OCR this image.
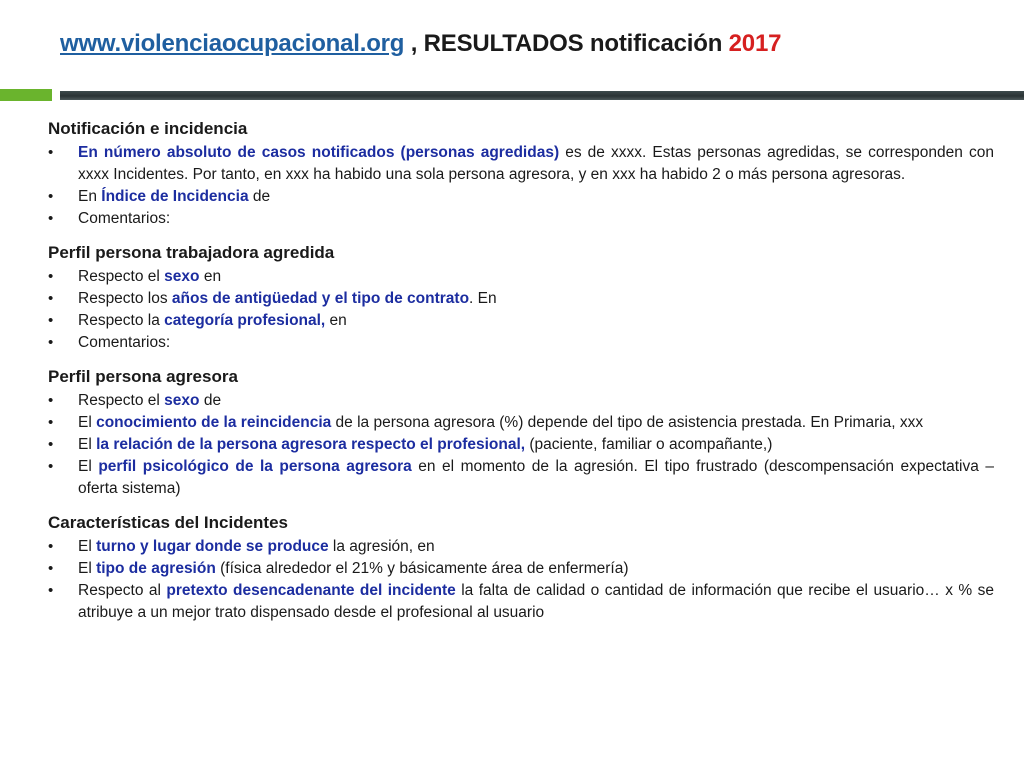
www.violenciaocupacional.org , RESULTADOS notificación 2017
Notificación e incidencia
• En número absoluto de casos notificados (personas agredidas) es de xxxx. Estas personas agredidas, se corresponden con xxxx Incidentes. Por tanto, en xxx ha habido una sola persona agresora, y en xxx ha habido 2 o más persona agresoras.
• En Índice de Incidencia de
• Comentarios:
Perfil persona trabajadora agredida
• Respecto el sexo en
• Respecto los años de antigüedad y el tipo de contrato. En
• Respecto la categoría profesional, en
• Comentarios:
Perfil persona agresora
• Respecto el sexo de
• El conocimiento de la reincidencia de la persona agresora (%) depende del tipo de asistencia prestada. En Primaria, xxx
• El la relación de la persona agresora respecto el profesional, (paciente, familiar o acompañante,)
• El perfil psicológico de la persona agresora en el momento de la agresión. El tipo frustrado (descompensación expectativa – oferta sistema)
Características del Incidentes
• El turno y lugar donde se produce la agresión, en
• El tipo de agresión (física alrededor el 21% y básicamente área de enfermería)
• Respecto al pretexto desencadenante del incidente la falta de calidad o cantidad de información que recibe el usuario… x % se atribuye a un mejor trato dispensado desde el profesional al usuario
